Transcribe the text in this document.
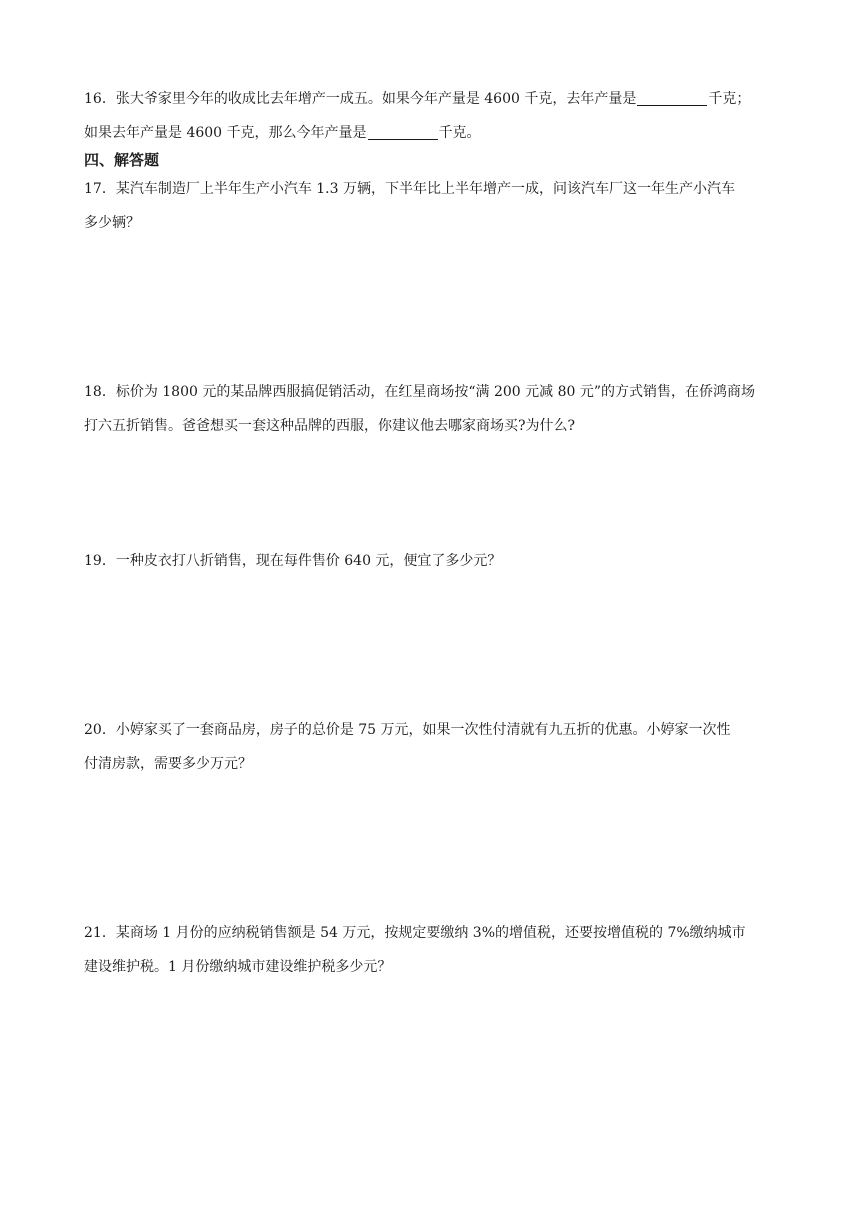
16．张大爷家里今年的收成比去年增产一成五。如果今年产量是 4600 千克，去年产量是	千克；
如果去年产量是 4600 千克，那么今年产量是	千克。
四、解答题
17．某汽车制造厂上半年生产小汽车 1.3 万辆，下半年比上半年增产一成，问该汽车厂这一年生产小汽车
多少辆？
18．标价为 1800 元的某品牌西服搞促销活动，在红星商场按“满 200 元减 80 元”的方式销售，在侨鸿商场
打六五折销售。爸爸想买一套这种品牌的西服，你建议他去哪家商场买?为什么?
19．一种皮衣打八折销售，现在每件售价 640 元，便宜了多少元？
20．小婷家买了一套商品房，房子的总价是 75 万元，如果一次性付清就有九五折的优惠。小婷家一次性
付清房款，需要多少万元？
21．某商场 1 月份的应纳税销售额是 54 万元，按规定要缴纳 3%的增值税，还要按增值税的 7%缴纳城市
建设维护税。1 月份缴纳城市建设维护税多少元？
